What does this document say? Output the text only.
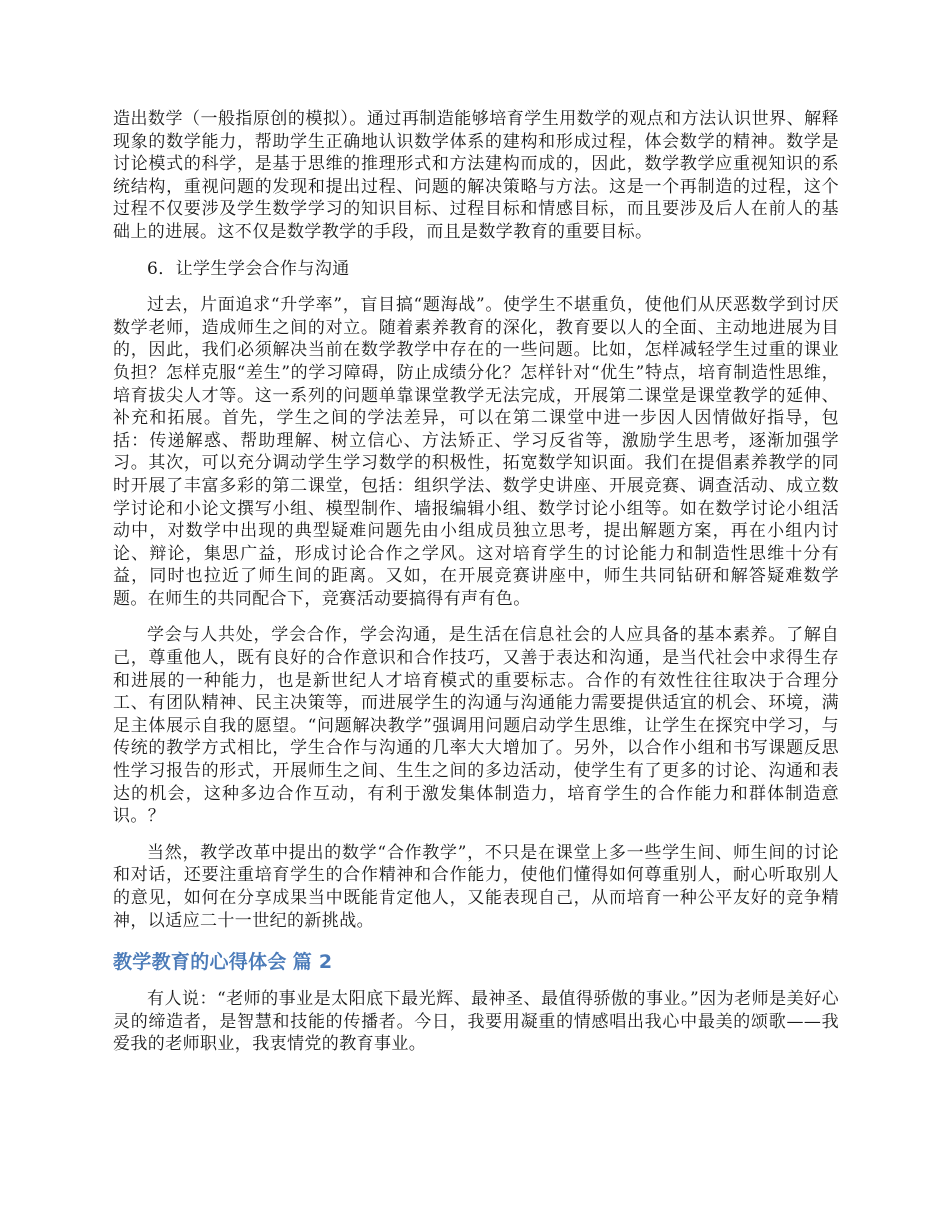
造出数学（一般指原创的模拟）。通过再制造能够培育学生用数学的观点和方法认识世界、解释现象的数学能力，帮助学生正确地认识数学体系的建构和形成过程，体会数学的精神。数学是讨论模式的科学，是基于思维的推理形式和方法建构而成的，因此，数学教学应重视知识的系统结构，重视问题的发现和提出过程、问题的解决策略与方法。这是一个再制造的过程，这个过程不仅要涉及学生数学学习的知识目标、过程目标和情感目标，而且要涉及后人在前人的基础上的进展。这不仅是数学教学的手段，而且是数学教育的重要目标。

6．让学生学会合作与沟通

过去，片面追求“升学率”，盲目搞“题海战”。使学生不堪重负，使他们从厌恶数学到讨厌数学老师，造成师生之间的对立。随着素养教育的深化，教育要以人的全面、主动地进展为目的，因此，我们必须解决当前在数学教学中存在的一些问题。比如，怎样减轻学生过重的课业负担？怎样克服“差生”的学习障碍，防止成绩分化？怎样针对“优生”特点，培育制造性思维，培育拔尖人才等。这一系列的问题单靠课堂教学无法完成，开展第二课堂是课堂教学的延伸、补充和拓展。首先，学生之间的学法差异，可以在第二课堂中进一步因人因情做好指导，包括：传递解惑、帮助理解、树立信心、方法矫正、学习反省等，激励学生思考，逐渐加强学习。其次，可以充分调动学生学习数学的积极性，拓宽数学知识面。我们在提倡素养教学的同时开展了丰富多彩的第二课堂，包括：组织学法、数学史讲座、开展竞赛、调查活动、成立数学讨论和小论文撰写小组、模型制作、墙报编辑小组、数学讨论小组等。如在数学讨论小组活动中，对数学中出现的典型疑难问题先由小组成员独立思考，提出解题方案，再在小组内讨论、辩论，集思广益，形成讨论合作之学风。这对培育学生的讨论能力和制造性思维十分有益，同时也拉近了师生间的距离。又如，在开展竞赛讲座中，师生共同钻研和解答疑难数学题。在师生的共同配合下，竞赛活动要搞得有声有色。

学会与人共处，学会合作，学会沟通，是生活在信息社会的人应具备的基本素养。了解自己，尊重他人，既有良好的合作意识和合作技巧，又善于表达和沟通，是当代社会中求得生存和进展的一种能力，也是新世纪人才培育模式的重要标志。合作的有效性往往取决于合理分工、有团队精神、民主决策等，而进展学生的沟通与沟通能力需要提供适宜的机会、环境，满足主体展示自我的愿望。“问题解决教学”强调用问题启动学生思维，让学生在探究中学习，与传统的教学方式相比，学生合作与沟通的几率大大增加了。另外，以合作小组和书写课题反思性学习报告的形式，开展师生之间、生生之间的多边活动，使学生有了更多的讨论、沟通和表达的机会，这种多边合作互动，有利于激发集体制造力，培育学生的合作能力和群体制造意识。？

当然，教学改革中提出的数学“合作教学”，不只是在课堂上多一些学生间、师生间的讨论和对话，还要注重培育学生的合作精神和合作能力，使他们懂得如何尊重别人，耐心听取别人的意见，如何在分享成果当中既能肯定他人，又能表现自己，从而培育一种公平友好的竞争精神，以适应二十一世纪的新挑战。

教学教育的心得体会 篇 2

有人说：“老师的事业是太阳底下最光辉、最神圣、最值得骄傲的事业。”因为老师是美好心灵的缔造者，是智慧和技能的传播者。今日，我要用凝重的情感唱出我心中最美的颂歌——我爱我的老师职业，我衷情党的教育事业。
